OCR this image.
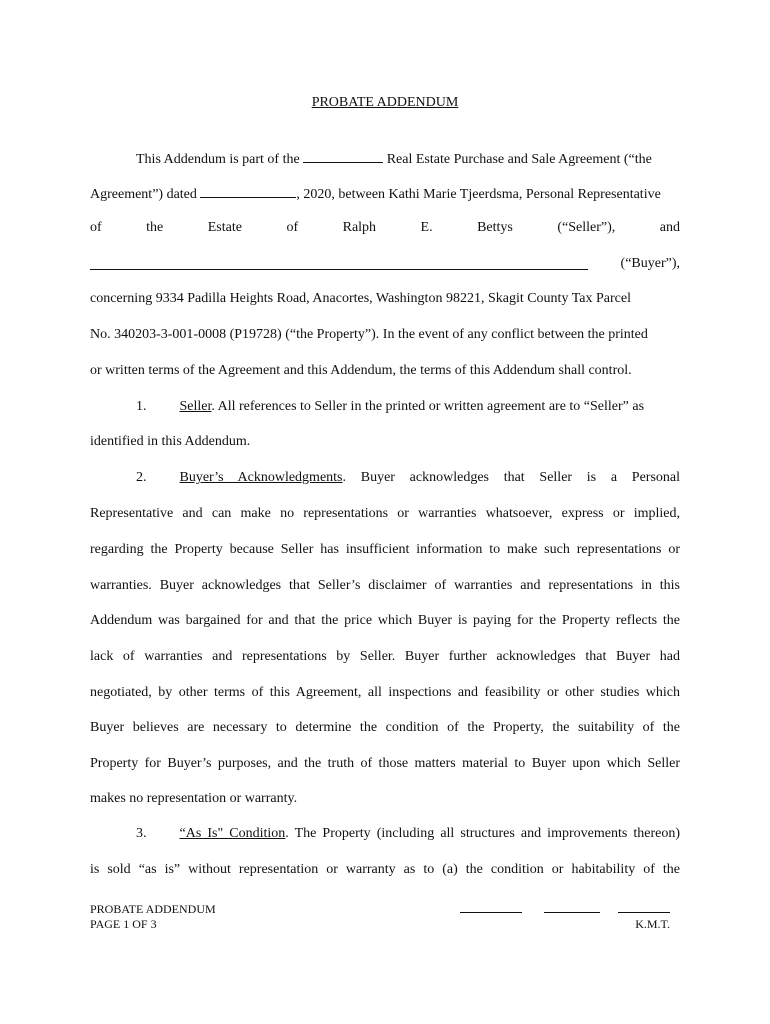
PROBATE ADDENDUM
This Addendum is part of the	Real Estate Purchase and Sale Agreement (“the
Agreement”) dated	, 2020, between Kathi Marie Tjeerdsma, Personal Representative
of	the	Estate	of	Ralph	E.	Bettys	(“Seller”),	and
(“Buyer”),
concerning 9334 Padilla Heights Road, Anacortes, Washington 98221, Skagit County Tax Parcel
No. 340203-3-001-0008 (P19728) (“the Property”). In the event of any conflict between the printed
or written terms of the Agreement and this Addendum, the terms of this Addendum shall control.
1. Seller. All references to Seller in the printed or written agreement are to “Seller” as
identified in this Addendum.
2. Buyer’s Acknowledgments. Buyer acknowledges that Seller is a Personal
Representative and can make no representations or warranties whatsoever, express or implied,
regarding the Property because Seller has insufficient information to make such representations or
warranties. Buyer acknowledges that Seller’s disclaimer of warranties and representations in this
Addendum was bargained for and that the price which Buyer is paying for the Property reflects the
lack of warranties and representations by Seller. Buyer further acknowledges that Buyer had
negotiated, by other terms of this Agreement, all inspections and feasibility or other studies which
Buyer believes are necessary to determine the condition of the Property, the suitability of the
Property for Buyer’s purposes, and the truth of those matters material to Buyer upon which Seller
makes no representation or warranty.
3. “As Is" Condition. The Property (including all structures and improvements thereon)
is sold “as is” without representation or warranty as to (a) the condition or habitability of the
PROBATE ADDENDUM
PAGE 1 OF 3	K.M.T.
